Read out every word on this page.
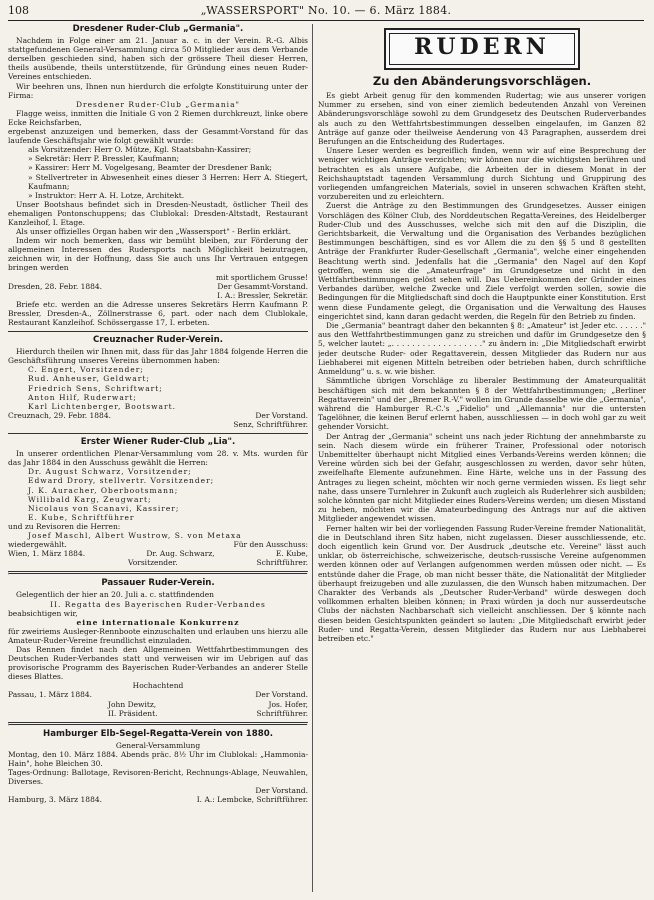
108	„WASSERSPORT" No. 10. — 6. März 1884.
Dresdener Ruder-Club „Germania".

Nachdem in Folge einer am 21. Januar a. c. in der Verein. R.-G. Albis stattgefundenen General-Versammlung circa 50 Mitglieder aus dem Verbande derselben geschieden sind, haben sich der grössere Theil dieser Herren, theils ausübende, theils unterstützende, für Gründung eines neuen Ruder-Vereines entschieden.

Wir beehren uns, Ihnen nun hierdurch die erfolgte Konstituirung unter der Firma:

Dresdener Ruder-Club „Germania"

Flagge weiss, inmitten die Initiale G von 2 Riemen durchkreuzt, linke obere Ecke Reichsfarben,

ergebenst anzuzeigen und bemerken, dass der Gesammt-Vorstand für das laufende Geschäftsjahr wie folgt gewählt wurde:

als Vorsitzender: Herr O. Mütze, Kgl. Staatsbahn-Kassirer;

» Sekretär: Herr P. Bressler, Kaufmann;

» Kassirer: Herr M. Vogelgesang, Beamter der Dresdener Bank;

» Stellvertreter in Abwesenheit eines dieser 3 Herren: Herr A. Stiegert, Kaufmann;

» Instruktor: Herr A. H. Lotze, Architekt.

Unser Bootshaus befindet sich in Dresden-Neustadt, östlicher Theil des ehemaligen Pontonschuppens; das Clublokal: Dresden-Altstadt, Restaurant Kanzleihof, I. Etage.

Als unser offizielles Organ haben wir den „Wassersport" - Berlin erklärt.

Indem wir noch bemerken, dass wir bemüht bleiben, zur Förderung der allgemeinen Interessen des Rudersports nach Möglichkeit beizutragen, zeichnen wir, in der Hoffnung, dass Sie auch uns Ihr Vertrauen entgegen bringen werden

mit sportlichem Grusse!

Dresden, 28. Febr. 1884.	Der Gesammt-Vorstand.

I. A.: Bressler, Sekretär.

Briefe etc. werden an die Adresse unseres Sekretärs Herrn Kaufmann P. Bressler, Dresden-A., Zöllnerstrasse 6, part. oder nach dem Clublokale, Restaurant Kanzleihof. Schössergasse 17, I. erbeten.

Creuznacher Ruder-Verein.

Hierdurch theilen wir Ihnen mit, dass für das Jahr 1884 folgende Herren die Geschäftsführung unseres Vereins übernommen haben:

C. Engert, Vorsitzender;

Rud. Anheuser, Geldwart;

Friedrich Sens, Schriftwart;

Anton Hilf, Ruderwart;

Karl Lichtenberger, Bootswart.

Creuznach, 29. Febr. 1884.	Der Vorstand.

Senz, Schriftführer.

Erster Wiener Ruder-Club „Lia".

In unserer ordentlichen Plenar-Versammlung vom 28. v. Mts. wurden für das Jahr 1884 in den Ausschuss gewählt die Herren:

Dr. August Schwarz, Vorsitzender;

Edward Drory, stellvertr. Vorsitzender;

J. K. Auracher, Oberbootsmann;

Willibald Karg, Zeugwart;

Nicolaus von Scanavi, Kassirer;

E. Kube, Schriftführer

und zu Revisoren die Herren:

Josef Maschl, Albert Wustrow, S. von Metaxa

wiedergewählt.	Für den Ausschuss:
Wien, 1. März 1884.	Dr. Aug. Schwarz,	E. Kube,
Vorsitzender.	Schriftführer.
Passauer Ruder-Verein.

Gelegentlich der hier an 20. Juli a. c. stattfindenden

II. Regatta des Bayerischen Ruder-Verbandes

beabsichtigen wir,

eine internationale Konkurrenz

für zweiriems Ausleger-Rennboote einzuschalten und erlauben uns hierzu alle Amateur-Ruder-Vereine freundlichst einzuladen.

Das Rennen findet nach den Allgemeinen Wettfahrtbestimmungen des Deutschen Ruder-Verbandes statt und verweisen wir im Uebrigen auf das provisorische Programm des Bayerischen Ruder-Verbandes an anderer Stelle dieses Blattes.

Hochachtend

Passau, 1. März 1884.	Der Vorstand.
John Dewitz,	Jos. Hofer,
II. Präsident.	Schriftführer.
Hamburger Elb-Segel-Regatta-Verein von 1880.

General-Versammlung

Montag, den 10. März 1884. Abends präc. 8½ Uhr im Clublokal: „Hammonia-Hain", hohe Bleichen 30.

Tages-Ordnung: Ballotage, Revisoren-Bericht, Rechnungs-Ablage, Neuwahlen, Diverses.

Der Vorstand.

Hamburg, 3. März 1884.	I. A.: Lembcke, Schriftführer.
RUDERN
Zu den Abänderungsvorschlägen.

Es giebt Arbeit genug für den kommenden Rudertag; wie aus unserer vorigen Nummer zu ersehen, sind von einer ziemlich bedeutenden Anzahl von Vereinen Abänderungsvorschläge sowohl zu dem Grundgesetz des Deutschen Ruderverbandes als auch zu den Wettfahrtsbestimmungen desselben eingelaufen, im Ganzen 82 Anträge auf ganze oder theilweise Aenderung von 43 Paragraphen, ausserdem drei Berufungen an die Entscheidung des Rudertages.

Unsere Leser werden es begreiflich finden, wenn wir auf eine Besprechung der weniger wichtigen Anträge verzichten; wir können nur die wichtigsten berühren und betrachten es als unsere Aufgabe, die Arbeiten der in diesem Monat in der Reichshauptstadt tagenden Versammlung durch Sichtung und Gruppirung des vorliegenden umfangreichen Materials, soviel in unseren schwachen Kräften steht, vorzubereiten und zu erleichtern.

Zuerst die Anträge zu den Bestimmungen des Grundgesetzes. Ausser einigen Vorschlägen des Kölner Club, des Norddeutschen Regatta-Vereines, des Heidelberger Ruder-Club und des Ausschusses, welche sich mit den auf die Disziplin, die Gerichtsbarkeit, die Verwaltung und die Organisation des Verbandes bezüglichen Bestimmungen beschäftigen, sind es vor Allem die zu den §§ 5 und 8 gestellten Anträge der Frankfurter Ruder-Gesellschaft „Germania", welche einer eingehenden Beachtung werth sind. Jedenfalls hat die „Germania" den Nagel auf den Kopf getroffen, wenn sie die „Amateurfrage" im Grundgesetze und nicht in den Wettfahrtbestimmungen gelöst sehen will. Das Uebereinkommen der Gründer eines Verbandes darüber, welche Zwecke und Ziele verfolgt werden sollen, sowie die Bedingungen für die Mitgliedschaft sind doch die Hauptpunkte einer Konstitution. Erst wenn diese Fundamente gelegt, die Organisation und die Verwaltung des Hauses eingerichtet sind, kann daran gedacht werden, die Regeln für den Betrieb zu finden.

Die „Germania" beantragt daher den bekannten § 8: „Amateur" ist Jeder etc. . . . . ." aus den Wettfahrtbestimmungen ganz zu streichen und dafür im Grundgesetze den § 5, welcher lautet: „. . . . . . . . . . . . . . . . . ." zu ändern in: „Die Mitgliedschaft erwirbt jeder deutsche Ruder- oder Regattaverein, dessen Mitglieder das Rudern nur aus Liebhaberei mit eigenen Mitteln betreiben oder betrieben haben, durch schriftliche Anmeldung" u. s. w. wie bisher.

Sämmtliche übrigen Vorschläge zu liberaler Bestimmung der Amateurqualität beschäftigen sich mit dem bekannten § 8 der Wettfahrtbestimmungen; „Berliner Regattaverein" und der „Bremer R.-V." wollen im Grunde dasselbe wie die „Germania", während die Hamburger R.-C.'s „Fidelio" und „Allemannia" nur die untersten Tagelöhner, die keinen Beruf erlernt haben, ausschliessen — in doch wohl gar zu weit gehender Vorsicht.

Der Antrag der „Germania" scheint uns nach jeder Richtung der annehmbarste zu sein. Nach diesem würde ein früherer Trainer, Professional oder notorisch Unbemittelter überhaupt nicht Mitglied eines Verbands-Vereins werden können; die Vereine würden sich bei der Gefahr, ausgeschlossen zu werden, davor sehr hüten, zweifelhafte Elemente aufzunehmen. Eine Härte, welche uns in der Fassung des Antrages zu liegen scheint, möchten wir noch gerne vermieden wissen. Es liegt sehr nahe, dass unsere Turnlehrer in Zukunft auch zugleich als Ruderlehrer sich ausbilden; solche könnten gar nicht Mitglieder eines Ruders-Vereins werden; um diesen Misstand zu heben, möchten wir die Amateurbedingung des Antrags nur auf die aktiven Mitglieder angewendet wissen.

Ferner halten wir bei der vorliegenden Fassung Ruder-Vereine fremder Nationalität, die in Deutschland ihren Sitz haben, nicht zugelassen. Dieser ausschliessende, etc. doch eigentlich kein Grund vor. Der Ausdruck „deutsche etc. Vereine" lässt auch unklar, ob österreichische, schweizerische, deutsch-russische Vereine aufgenommen werden können oder auf Verlangen aufgenommen werden müssen oder nicht. — Es entstünde daher die Frage, ob man nicht besser thäte, die Nationalität der Mitglieder überhaupt freizugeben und alle zuzulassen, die den Wunsch haben mitzumachen. Der Charakter des Verbands als „Deutscher Ruder-Verband" würde deswegen doch vollkommen erhalten bleiben können; in Praxi würden ja doch nur ausserdeutsche Clubs der nächsten Nachbarschaft sich vielleicht anschliessen. Der § könnte nach diesen beiden Gesichtspunkten geändert so lauten: „Die Mitgliedschaft erwirbt jeder Ruder- und Regatta-Verein, dessen Mitglieder das Rudern nur aus Liebhaberei betreiben etc."
